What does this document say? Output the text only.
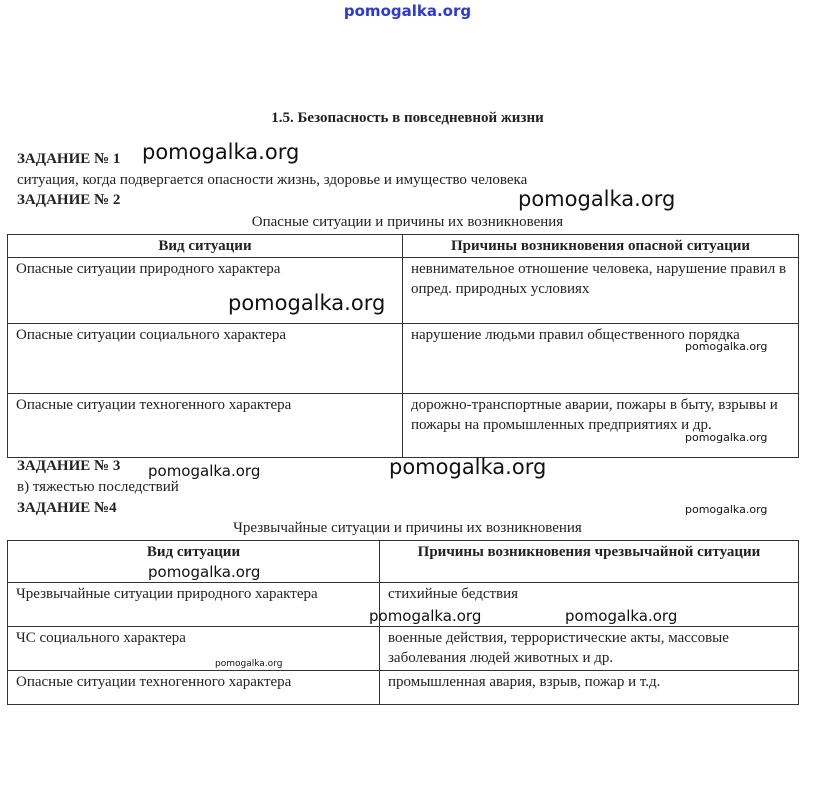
pomogalka.org
1.5. Безопасность в повседневной жизни
ЗАДАНИЕ № 1
ситуация, когда подвергается опасности жизнь, здоровье и имущество человека
ЗАДАНИЕ № 2
Опасные ситуации и причины их возникновения
Вид ситуации	Причины возникновения опасной ситуации
Опасные ситуации природного характера	невнимательное отношение человека, нарушение правил в опред. природных условиях
Опасные ситуации социального характера	нарушение людьми правил общественного порядка
Опасные ситуации техногенного характера	дорожно-транспортные аварии, пожары в быту, взрывы и пожары на промышленных предприятиях и др.
ЗАДАНИЕ № 3
в) тяжестью последствий
ЗАДАНИЕ №4
Чрезвычайные ситуации и причины их возникновения
Вид ситуации	Причины возникновения чрезвычайной ситуации
Чрезвычайные ситуации природного характера	стихийные бедствия
ЧС социального характера	военные действия, террористические акты, массовые заболевания людей животных и др.
Опасные ситуации техногенного характера	промышленная авария, взрыв, пожар и т.д.
pomogalka.org
pomogalka.org
pomogalka.org
pomogalka.org
pomogalka.org
pomogalka.org
pomogalka.org
pomogalka.org
pomogalka.org
pomogalka.org	pomogalka.org
pomogalka.org
